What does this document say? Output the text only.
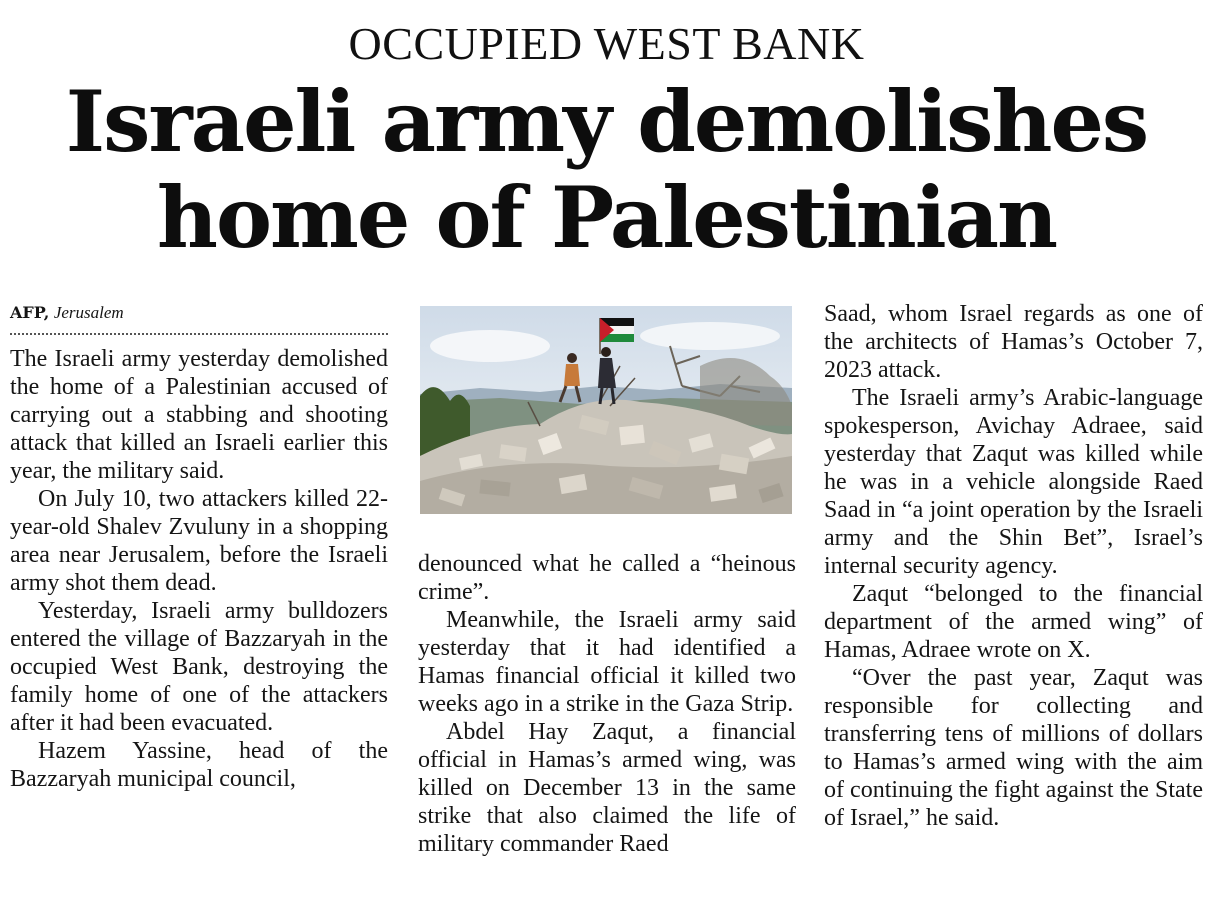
OCCUPIED WEST BANK
Israeli army demolishes
home of Palestinian
AFP, Jerusalem

The Israeli army yesterday demolished the home of a Palestinian accused of carrying out a stabbing and shooting attack that killed an Israeli earlier this year, the military said.

On July 10, two attackers killed 22-year-old Shalev Zvuluny in a shopping area near Jerusalem, before the Israeli army shot them dead.

Yesterday, Israeli army bulldozers entered the village of Bazzaryah in the occupied West Bank, destroying the family home of one of the attackers after it had been evacuated.

Hazem Yassine, head of the Bazzaryah municipal council,

denounced what he called a “heinous crime”.

Meanwhile, the Israeli army said yesterday that it had identified a Hamas financial official it killed two weeks ago in a strike in the Gaza Strip.

Abdel Hay Zaqut, a financial official in Hamas’s armed wing, was killed on December 13 in the same strike that also claimed the life of military commander Raed

Saad, whom Israel regards as one of the architects of Hamas’s October 7, 2023 attack.

The Israeli army’s Arabic-language spokesperson, Avichay Adraee, said yesterday that Zaqut was killed while he was in a vehicle alongside Raed Saad in “a joint operation by the Israeli army and the Shin Bet”, Israel’s internal security agency.

Zaqut “belonged to the financial department of the armed wing” of Hamas, Adraee wrote on X.

“Over the past year, Zaqut was responsible for collecting and transferring tens of millions of dollars to Hamas’s armed wing with the aim of continuing the fight against the State of Israel,” he said.
